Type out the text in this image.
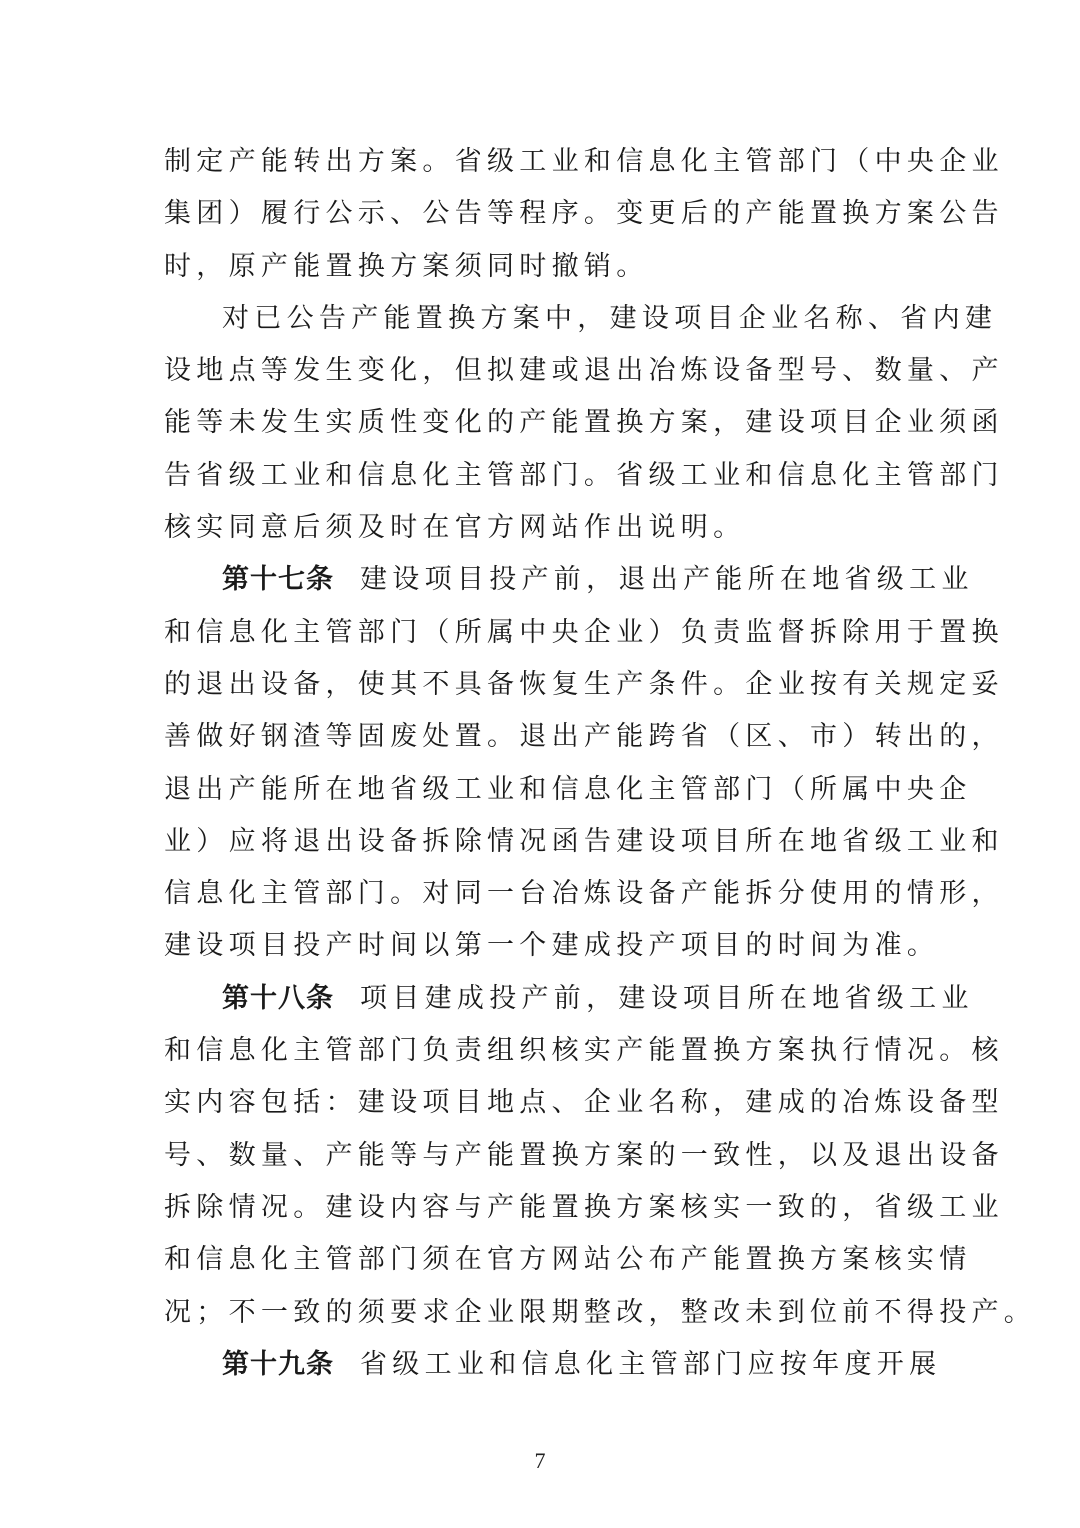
制定产能转出方案。省级工业和信息化主管部门（中央企业
集团）履行公示、公告等程序。变更后的产能置换方案公告
时，原产能置换方案须同时撤销。
对已公告产能置换方案中，建设项目企业名称、省内建
设地点等发生变化，但拟建或退出冶炼设备型号、数量、产
能等未发生实质性变化的产能置换方案，建设项目企业须函
告省级工业和信息化主管部门。省级工业和信息化主管部门
核实同意后须及时在官方网站作出说明。
第十七条 建设项目投产前，退出产能所在地省级工业
和信息化主管部门（所属中央企业）负责监督拆除用于置换
的退出设备，使其不具备恢复生产条件。企业按有关规定妥
善做好钢渣等固废处置。退出产能跨省（区、市）转出的，
退出产能所在地省级工业和信息化主管部门（所属中央企
业）应将退出设备拆除情况函告建设项目所在地省级工业和
信息化主管部门。对同一台冶炼设备产能拆分使用的情形，
建设项目投产时间以第一个建成投产项目的时间为准。
第十八条 项目建成投产前，建设项目所在地省级工业
和信息化主管部门负责组织核实产能置换方案执行情况。核
实内容包括：建设项目地点、企业名称，建成的冶炼设备型
号、数量、产能等与产能置换方案的一致性，以及退出设备
拆除情况。建设内容与产能置换方案核实一致的，省级工业
和信息化主管部门须在官方网站公布产能置换方案核实情
况；不一致的须要求企业限期整改，整改未到位前不得投产。
第十九条 省级工业和信息化主管部门应按年度开展
7
